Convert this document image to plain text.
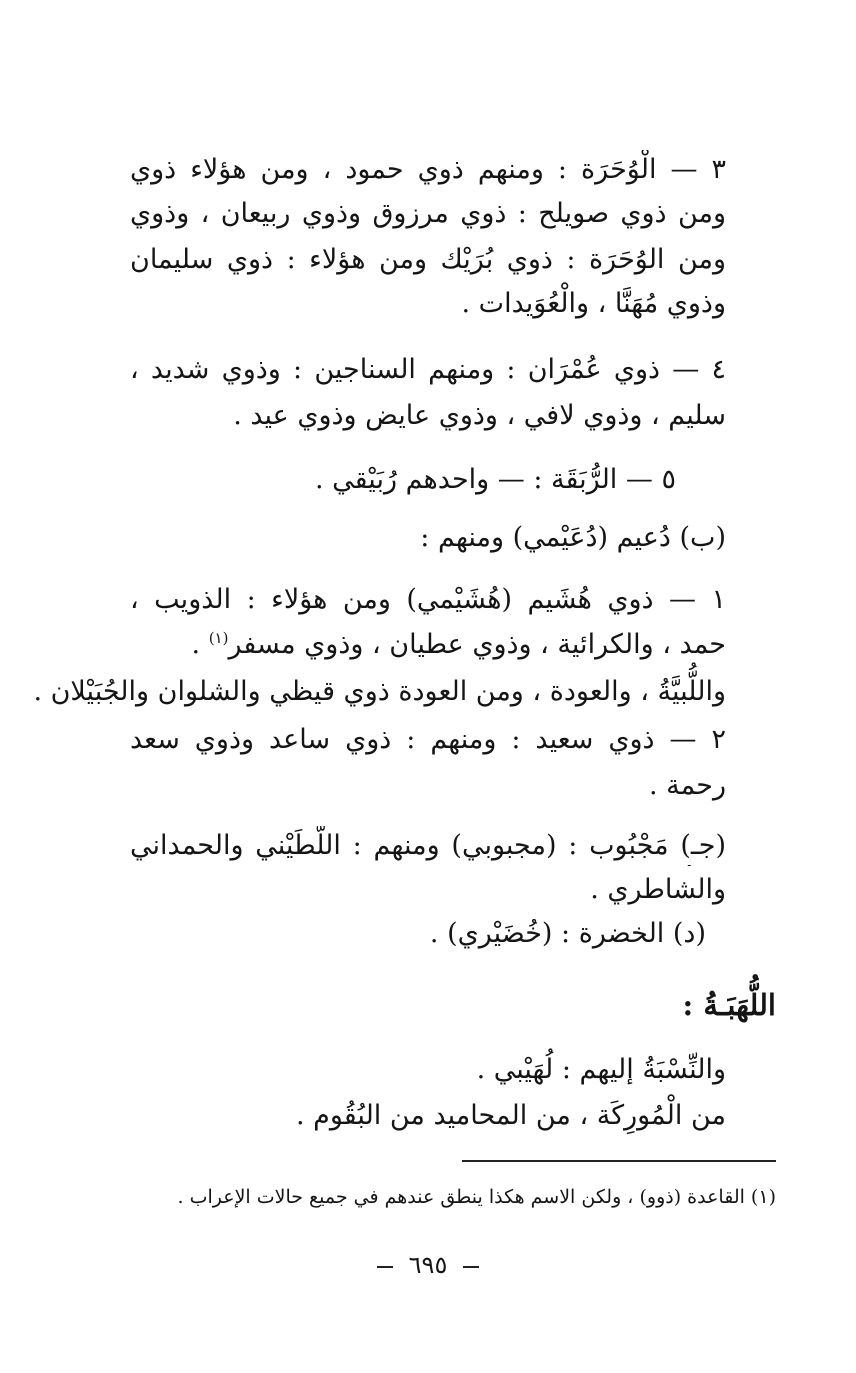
٣ — الْوُحَرَة : ومنهم ذوي حمود ، ومن هؤلاء ذوي
ومن ذوي صويلح : ذوي مرزوق وذوي ربيعان ، وذوي
ومن الوُحَرَة : ذوي بُرَيْك ومن هؤلاء : ذوي سليمان
وذوي مُهَنَّا ، والْعُوَيدات .
٤ — ذوي عُمْرَان : ومنهم السناجين : وذوي شديد ،
سليم ، وذوي لافي ، وذوي عايض وذوي عيد .
٥ — الرُّبَقَة : — واحدهم رُبَيْقي .
(ب) دُعيم (دُعَيْمي) ومنهم :
١ — ذوي هُشَيم (هُشَيْمي) ومن هؤلاء : الذويب ،
حمد ، والكرائية ، وذوي عطيان ، وذوي مسفر$^{(١)}$ .
واللُّبيَّةُ ، والعودة ، ومن العودة ذوي قيظي والشلوان والجُبَيْلان .
٢ — ذوي سعيد : ومنهم : ذوي ساعد وذوي سعد
رحمة .
(جـ) مَجْبُوب : (مجبوبي) ومنهم : اللُّطَيْني والحمداني
والشاطري .
(د) الخضرة : (خُضَيْري) .
اللُّهَبَـةُ :
والنِّسْبَةُ إليهم : لُهَيْبي .
من الْمُورِكَة ، من المحاميد من البُقُوم .
(١) القاعدة (ذوو) ، ولكن الاسم هكذا ينطق عندهم في جميع حالات الإعراب .
٦٩٥
